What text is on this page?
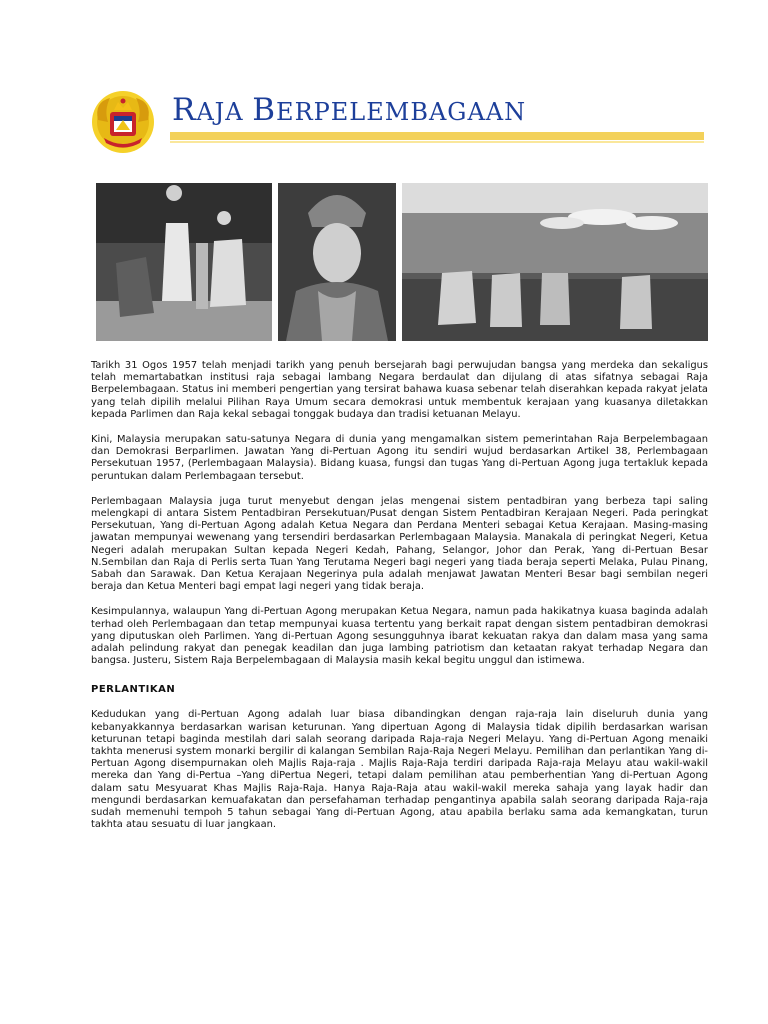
RAJA BERPELEMBAGAAN

Tarikh 31 Ogos 1957 telah menjadi tarikh yang penuh bersejarah bagi perwujudan bangsa yang merdeka dan sekaligus telah memartabatkan institusi raja sebagai lambang Negara berdaulat dan dijulang di atas sifatnya sebagai Raja Berpelembagaan. Status ini memberi pengertian yang tersirat bahawa kuasa sebenar telah diserahkan kepada rakyat jelata yang telah dipilih melalui Pilihan Raya Umum secara demokrasi untuk membentuk kerajaan yang kuasanya diletakkan kepada Parlimen dan Raja kekal sebagai tonggak budaya dan tradisi ketuanan Melayu.

Kini, Malaysia merupakan satu-satunya Negara di dunia yang mengamalkan sistem pemerintahan Raja Berpelembagaan dan Demokrasi Berparlimen. Jawatan Yang di-Pertuan Agong itu sendiri wujud berdasarkan Artikel 38, Perlembagaan Persekutuan 1957, (Perlembagaan Malaysia). Bidang kuasa, fungsi dan tugas Yang di-Pertuan Agong juga tertakluk kepada peruntukan dalam Perlembagaan tersebut.

Perlembagaan Malaysia juga turut menyebut dengan jelas mengenai sistem pentadbiran yang berbeza tapi saling melengkapi di antara Sistem Pentadbiran Persekutuan/Pusat dengan Sistem Pentadbiran Kerajaan Negeri. Pada peringkat Persekutuan, Yang di-Pertuan Agong adalah Ketua Negara dan Perdana Menteri sebagai Ketua Kerajaan. Masing-masing jawatan mempunyai wewenang yang tersendiri berdasarkan Perlembagaan Malaysia. Manakala di peringkat Negeri, Ketua Negeri adalah merupakan Sultan kepada Negeri Kedah, Pahang, Selangor, Johor dan Perak, Yang di-Pertuan Besar N.Sembilan dan Raja di Perlis serta Tuan Yang Terutama Negeri bagi negeri yang tiada beraja seperti Melaka, Pulau Pinang, Sabah dan Sarawak. Dan Ketua Kerajaan Negerinya pula adalah menjawat Jawatan Menteri Besar bagi sembilan negeri beraja dan Ketua Menteri bagi empat lagi negeri yang tidak beraja.

Kesimpulannya, walaupun Yang di-Pertuan Agong merupakan Ketua Negara, namun pada hakikatnya kuasa baginda adalah terhad oleh Perlembagaan dan tetap mempunyai kuasa tertentu yang berkait rapat dengan sistem pentadbiran demokrasi yang diputuskan oleh Parlimen. Yang di-Pertuan Agong sesungguhnya ibarat kekuatan rakya dan dalam masa yang sama adalah pelindung rakyat dan penegak keadilan dan juga lambing patriotism dan ketaatan rakyat terhadap Negara dan bangsa. Justeru, Sistem Raja Berpelembagaan di Malaysia masih kekal begitu unggul dan istimewa.

PERLANTIKAN

Kedudukan yang di-Pertuan Agong adalah luar biasa dibandingkan dengan raja-raja lain diseluruh dunia yang kebanyakkannya berdasarkan warisan keturunan. Yang dipertuan Agong di Malaysia tidak dipilih berdasarkan warisan keturunan tetapi baginda mestilah dari salah seorang daripada Raja-raja Negeri Melayu. Yang di-Pertuan Agong menaiki takhta menerusi system monarki bergilir di kalangan Sembilan Raja-Raja Negeri Melayu. Pemilihan dan perlantikan Yang di-Pertuan Agong disempurnakan oleh Majlis Raja-raja . Majlis Raja-Raja terdiri daripada Raja-raja Melayu atau wakil-wakil mereka dan Yang di-Pertua –Yang diPertua Negeri, tetapi dalam pemilihan atau pemberhentian Yang di-Pertuan Agong dalam satu Mesyuarat Khas Majlis Raja-Raja. Hanya Raja-Raja atau wakil-wakil mereka sahaja yang layak hadir dan mengundi berdasarkan kemuafakatan dan persefahaman terhadap pengantinya apabila salah seorang daripada Raja-raja sudah memenuhi tempoh 5 tahun sebagai Yang di-Pertuan Agong, atau apabila berlaku sama ada kemangkatan, turun takhta atau sesuatu di luar jangkaan.
